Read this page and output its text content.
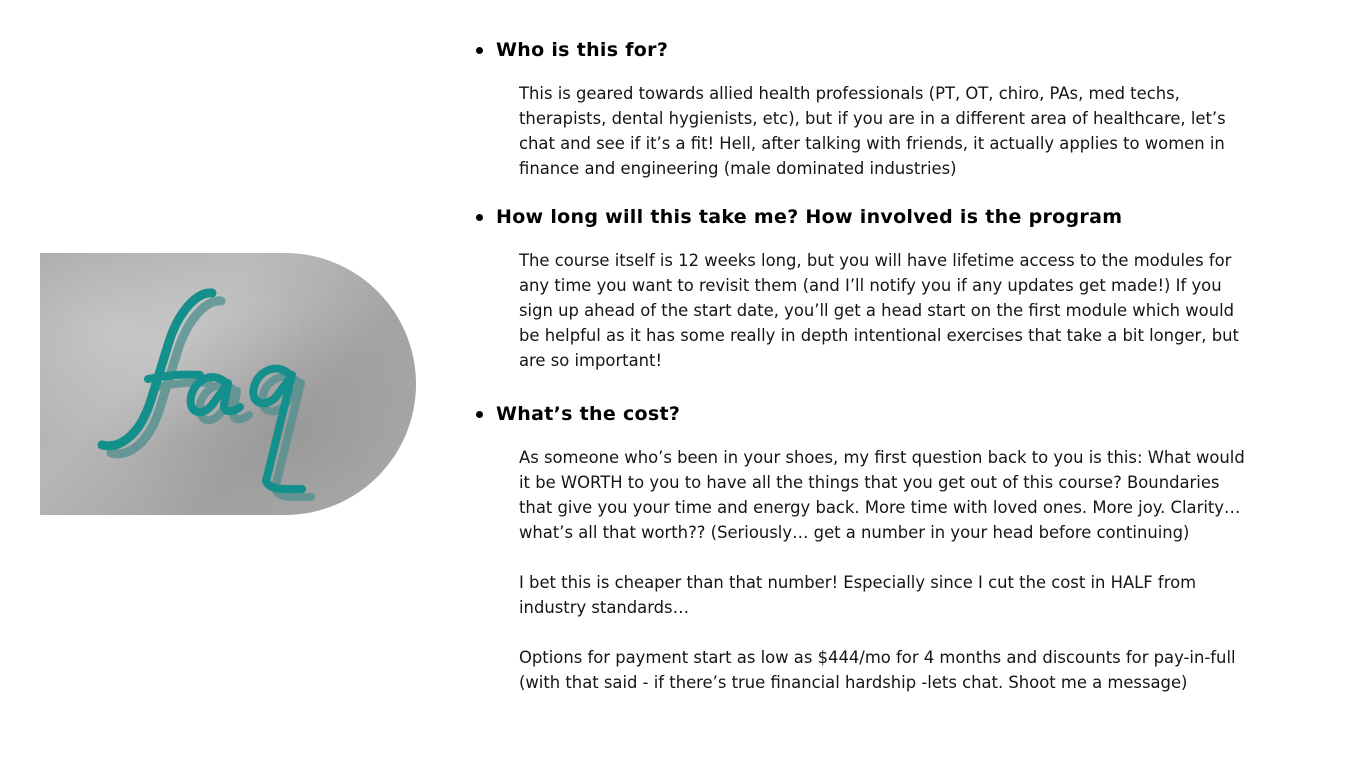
Who is this for?

This is geared towards allied health professionals (PT, OT, chiro, PAs, med techs, therapists, dental hygienists, etc), but if you are in a different area of healthcare, let’s chat and see if it’s a fit! Hell, after talking with friends, it actually applies to women in finance and engineering (male dominated industries)

How long will this take me? How involved is the program

The course itself is 12 weeks long, but you will have lifetime access to the modules for any time you want to revisit them (and I’ll notify you if any updates get made!) If you sign up ahead of the start date, you’ll get a head start on the first module which would be helpful as it has some really in depth intentional exercises that take a bit longer, but are so important!

What’s the cost?

As someone who’s been in your shoes, my first question back to you is this: What would it be WORTH to you to have all the things that you get out of this course? Boundaries that give you your time and energy back. More time with loved ones. More joy. Clarity…what’s all that worth?? (Seriously… get a number in your head before continuing)

I bet this is cheaper than that number! Especially since I cut the cost in HALF from industry standards…

Options for payment start as low as $444/mo for 4 months and discounts for pay-in-full (with that said - if there’s true financial hardship -lets chat. Shoot me a message)
